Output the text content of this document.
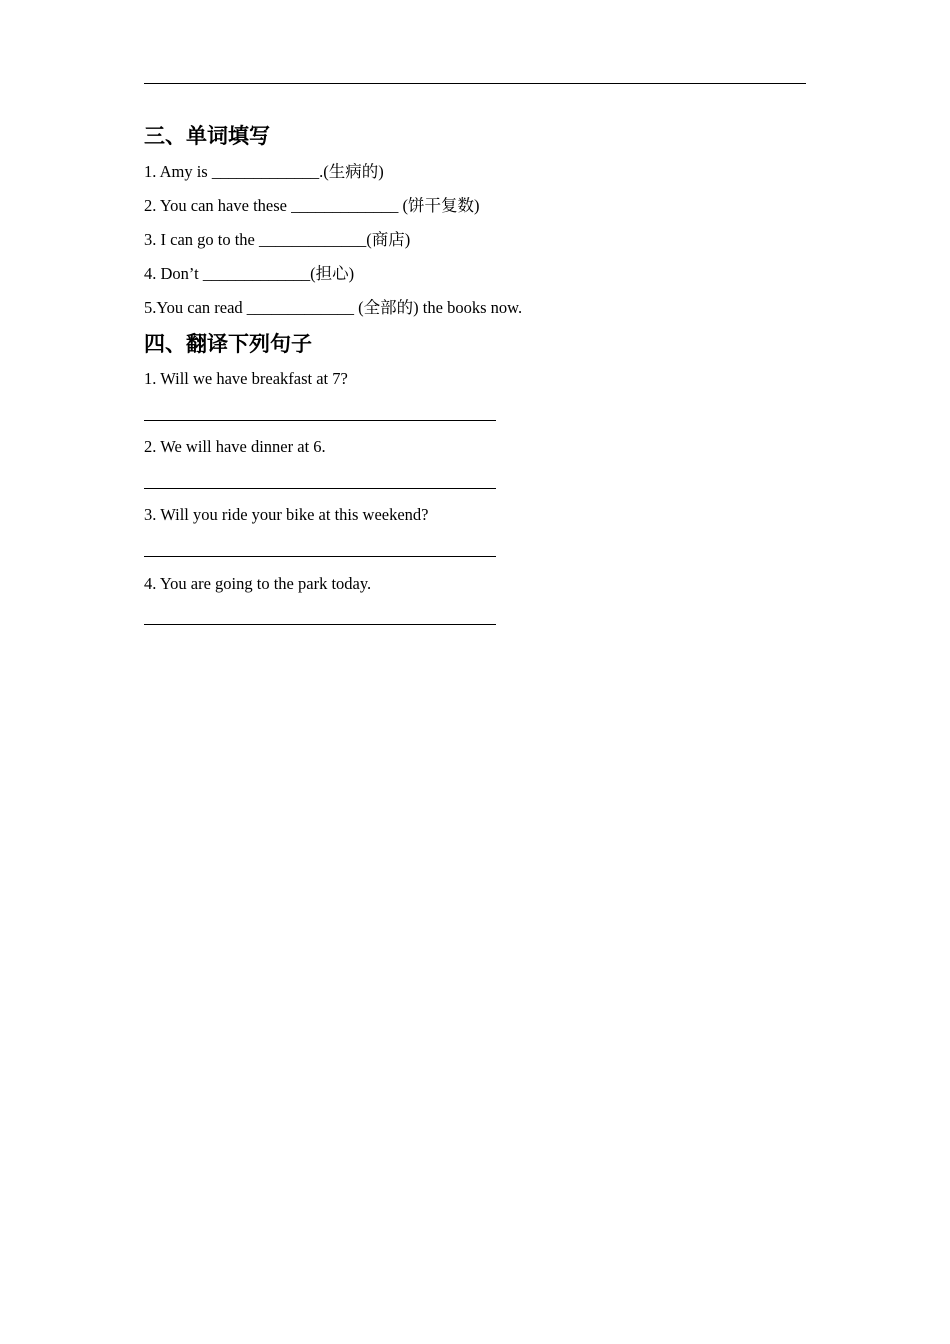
三、单词填写
1. Amy is _____________.(生病的)
2. You can have these _____________ (饼干复数)
3. I can go to the _____________(商店)
4. Don’t _____________(担心)
5.You can read _____________ (全部的) the books now.
四、翻译下列句子
1. Will we have breakfast at 7?
2. We will have dinner at 6.
3. Will you ride your bike at this weekend?
4. You are going to the park today.
